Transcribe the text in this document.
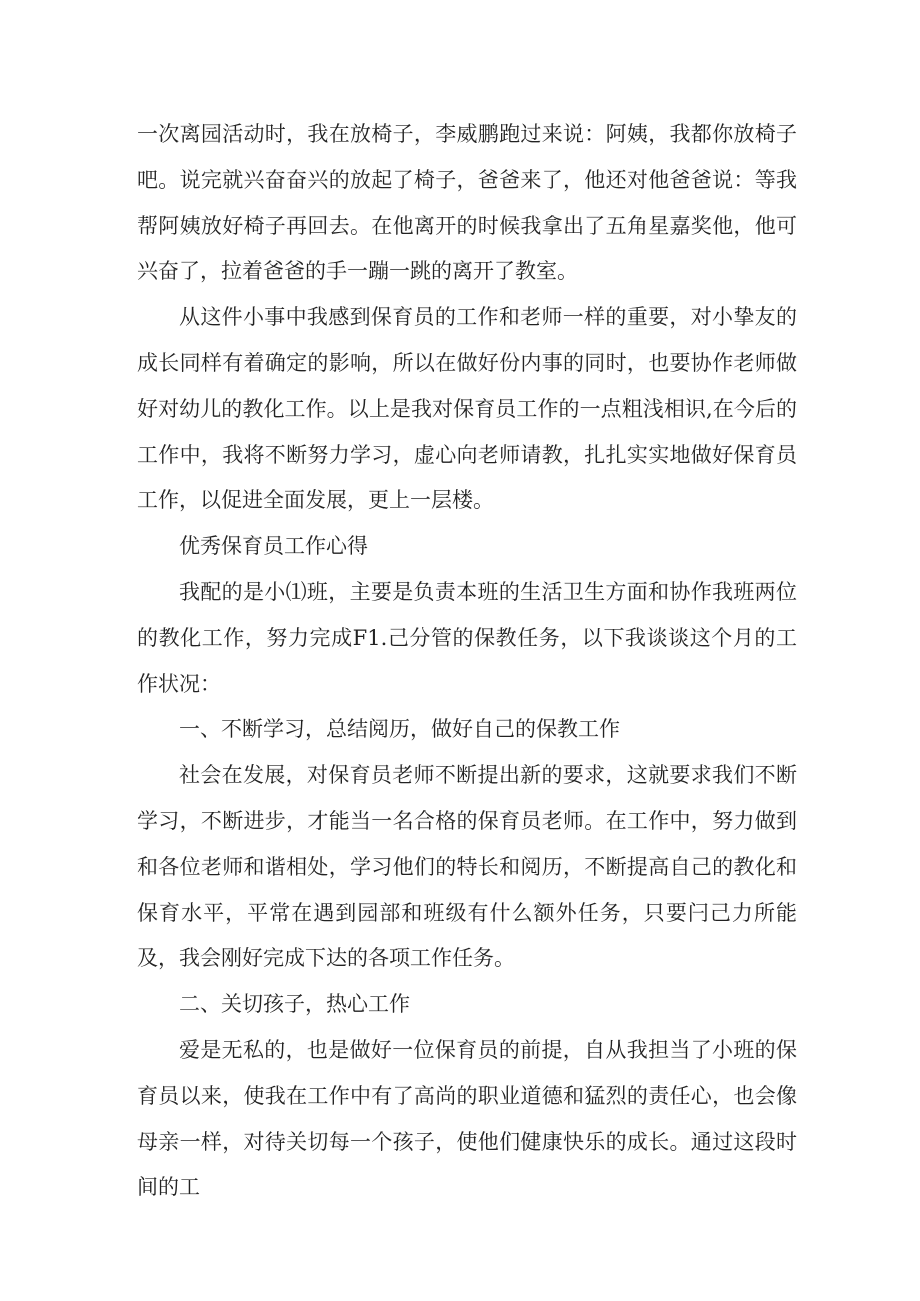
一次离园活动时，我在放椅子，李威鹏跑过来说：阿姨，我都你放椅子吧。说完就兴奋奋兴的放起了椅子，爸爸来了，他还对他爸爸说：等我帮阿姨放好椅子再回去。在他离开的时候我拿出了五角星嘉奖他，他可兴奋了，拉着爸爸的手一蹦一跳的离开了教室。

从这件小事中我感到保育员的工作和老师一样的重要，对小挚友的成长同样有着确定的影响，所以在做好份内事的同时，也要协作老师做好对幼儿的教化工作。以上是我对保育员工作的一点粗浅相识,在今后的工作中，我将不断努力学习，虚心向老师请教，扎扎实实地做好保育员工作，以促进全面发展，更上一层楼。

优秀保育员工作心得

我配的是小⑴班，主要是负责本班的生活卫生方面和协作我班两位的教化工作，努力完成F1.己分管的保教任务，以下我谈谈这个月的工作状况：

一、不断学习，总结阅历，做好自己的保教工作

社会在发展，对保育员老师不断提出新的要求，这就要求我们不断学习，不断进步，才能当一名合格的保育员老师。在工作中，努力做到和各位老师和谐相处，学习他们的特长和阅历，不断提高自己的教化和保育水平，平常在遇到园部和班级有什么额外任务，只要闩己力所能及，我会刚好完成下达的各项工作任务。

二、关切孩子，热心工作

爱是无私的，也是做好一位保育员的前提，自从我担当了小班的保育员以来，使我在工作中有了高尚的职业道德和猛烈的责任心，也会像母亲一样，对待关切每一个孩子，使他们健康快乐的成长。通过这段时间的工
